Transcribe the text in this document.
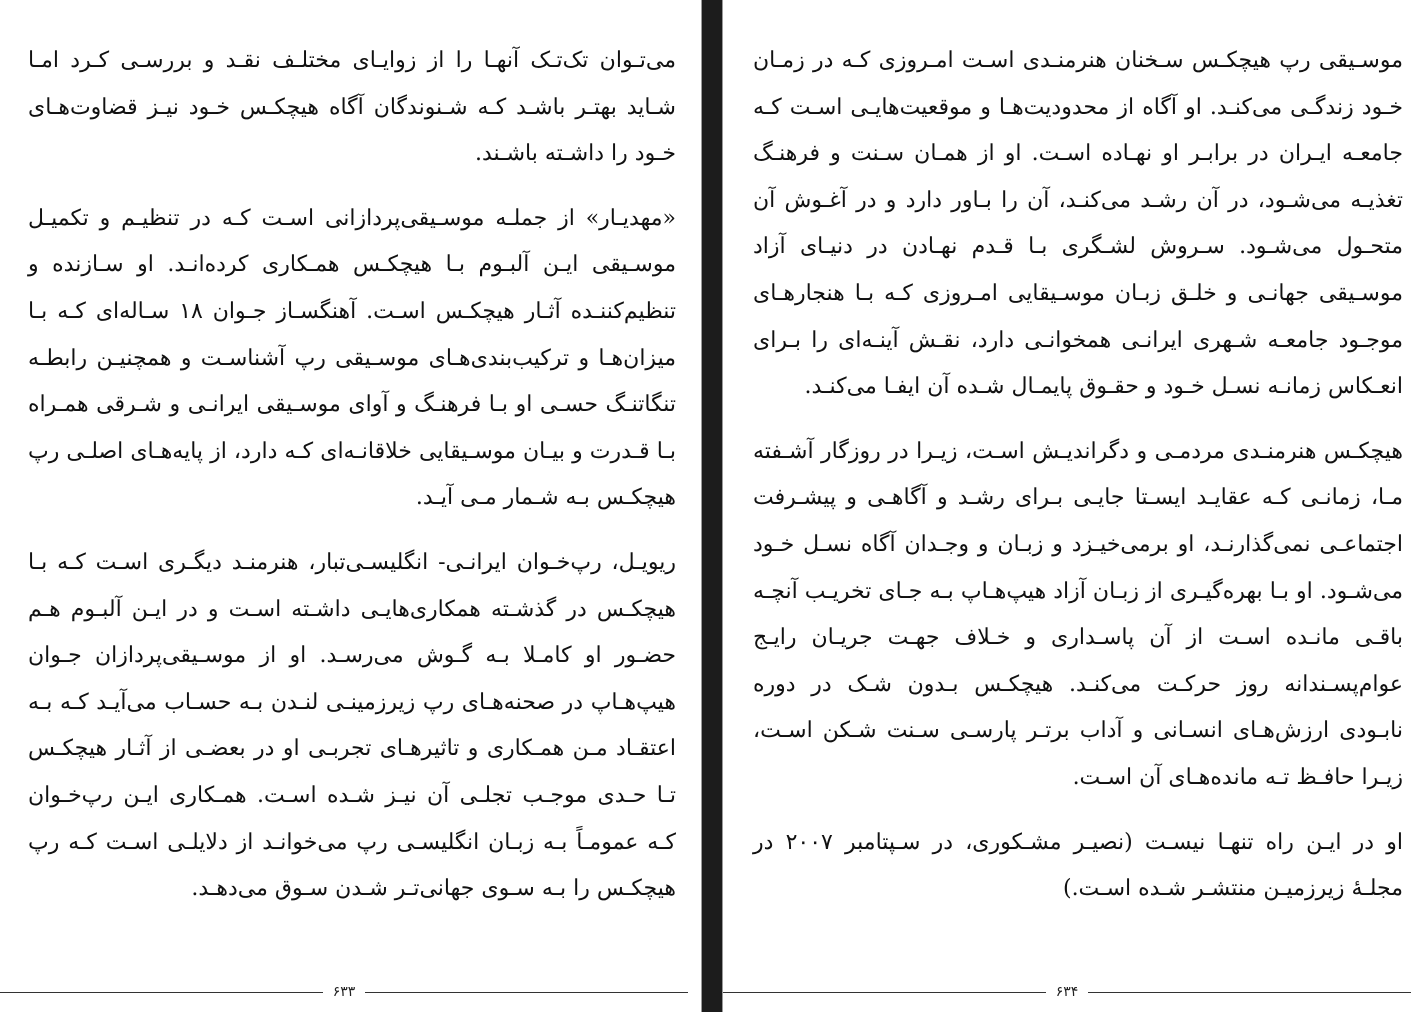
می‌تـوان تک‌تـک آنهـا را از زوایـای مختلـف نقـد و بررسـی کـرد امـا شـاید بهتـر باشـد کـه شـنوندگان آگاه هیچکـس خـود نیـز قضاوت‌هـای خـود را داشـته باشـند.

«مهدیـار» از جملـه موسـیقی‌پردازانی اسـت کـه در تنظیـم و تکمیـل موسـیقی ایـن آلبـوم بـا هیچکـس همـکاری کرده‌انـد. او سـازنده و تنظیم‌کننـده آثـار هیچکـس اسـت. آهنگسـاز جـوان ۱۸ سـاله‌ای کـه بـا میزان‌هـا و ترکیب‌بندی‌هـای موسـیقی رپ آشناسـت و همچنیـن رابطـه تنگاتنـگ حسـی او بـا فرهنـگ و آوای موسـیقی ایرانـی و شـرقی همـراه بـا قـدرت و بیـان موسـیقایی خلاقانـه‌ای کـه دارد، از پایه‌هـای اصلـی رپ هیچکـس بـه شـمار مـی آیـد.

ریویـل، رپ‌خـوان ایرانـی- انگلیسـی‌تبار، هنرمنـد دیگـری اسـت کـه بـا هیچکـس در گذشـته همکاری‌هایـی داشـته اسـت و در ایـن آلبـوم هـم حضـور او کامـلا بـه گـوش می‌رسـد. او از موسـیقی‌پردازان جـوان هیپ‌هـاپ در صحنه‌هـای رپ زیرزمینـی لنـدن بـه حسـاب می‌آیـد کـه بـه اعتقـاد مـن همـکاری و تاثیرهـای تجربـی او در بعضـی از آثـار هیچکـس تـا حـدی موجـب تجلـی آن نیـز شـده اسـت. همـکاری ایـن رپ‌خـوان کـه عمومـاً بـه زبـان انگلیسـی رپ می‌خوانـد از دلایلـی اسـت کـه رپ هیچکـس را بـه سـوی جهانی‌تـر شـدن سـوق می‌دهـد.

۶۳۳

موسـیقی رپ هیچکـس سـخنان هنرمنـدی اسـت امـروزی کـه در زمـان خـود زندگـی می‌کنـد. او آگاه از محدودیت‌هـا و موقعیت‌هایـی اسـت کـه جامعـه ایـران در برابـر او نهـاده اسـت. او از همـان سـنت و فرهنـگ تغذیـه می‌شـود، در آن رشـد می‌کنـد، آن را بـاور دارد و در آغـوش آن متحـول می‌شـود. سـروش لشـگری بـا قـدم نهـادن در دنیـای آزاد موسـیقی جهانـی و خلـق زبـان موسـیقایی امـروزی کـه بـا هنجارهـای موجـود جامعـه شـهری ایرانـی همخوانـی دارد، نقـش آینـه‌ای را بـرای انعـکاس زمانـه نسـل خـود و حقـوق پایمـال شـده آن ایفـا می‌کنـد.

هیچکـس هنرمنـدی مردمـی و دگراندیـش اسـت، زیـرا در روزگار آشـفته مـا، زمانـی کـه عقایـد ایسـتا جایـی بـرای رشـد و آگاهـی و پیشـرفت اجتماعـی نمی‌گذارنـد، او برمی‌خیـزد و زبـان و وجـدان آگاه نسـل خـود می‌شـود. او بـا بهره‌گیـری از زبـان آزاد هیپ‌هـاپ بـه جـای تخریـب آنچـه باقـی مانـده اسـت از آن پاسـداری و خـلاف جهـت جریـان رایـج عوام‌پسـندانه روز حرکـت می‌کنـد. هیچکـس بـدون شـک در دوره نابـودی ارزش‌هـای انسـانی و آداب برتـر پارسـی سـنت شـکن اسـت، زیـرا حافـظ تـه مانده‌هـای آن اسـت.

او در ایـن راه تنهـا نیسـت (نصیـر مشـکوری، در سـپتامبر ۲۰۰۷ در مجلـهٔ زیرزمیـن منتشـر شـده اسـت.)

۶۳۴
